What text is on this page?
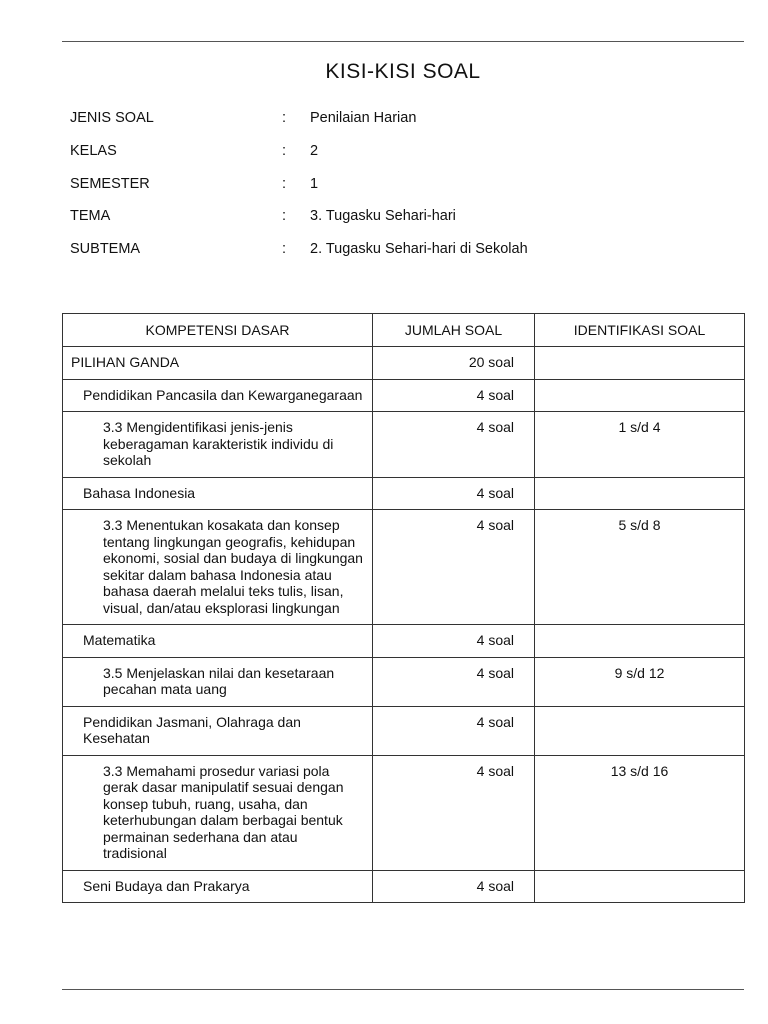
KISI-KISI SOAL
JENIS SOAL	: Penilaian Harian
KELAS	: 2
SEMESTER	: 1
TEMA	: 3. Tugasku Sehari-hari
SUBTEMA	: 2. Tugasku Sehari-hari di Sekolah
KOMPETENSI DASAR	JUMLAH SOAL	IDENTIFIKASI SOAL
PILIHAN GANDA	20 soal	
Pendidikan Pancasila dan Kewarganegaraan	4 soal	
3.3 Mengidentifikasi jenis-jenis keberagaman karakteristik individu di sekolah	4 soal	1 s/d 4
Bahasa Indonesia	4 soal	
3.3 Menentukan kosakata dan konsep tentang lingkungan geografis, kehidupan ekonomi, sosial dan budaya di lingkungan sekitar dalam bahasa Indonesia atau bahasa daerah melalui teks tulis, lisan, visual, dan/atau eksplorasi lingkungan	4 soal	5 s/d 8
Matematika	4 soal	
3.5 Menjelaskan nilai dan kesetaraan pecahan mata uang	4 soal	9 s/d 12
Pendidikan Jasmani, Olahraga dan Kesehatan	4 soal	
3.3 Memahami prosedur variasi pola gerak dasar manipulatif sesuai dengan konsep tubuh, ruang, usaha, dan keterhubungan dalam berbagai bentuk permainan sederhana dan atau tradisional	4 soal	13 s/d 16
Seni Budaya dan Prakarya	4 soal	
